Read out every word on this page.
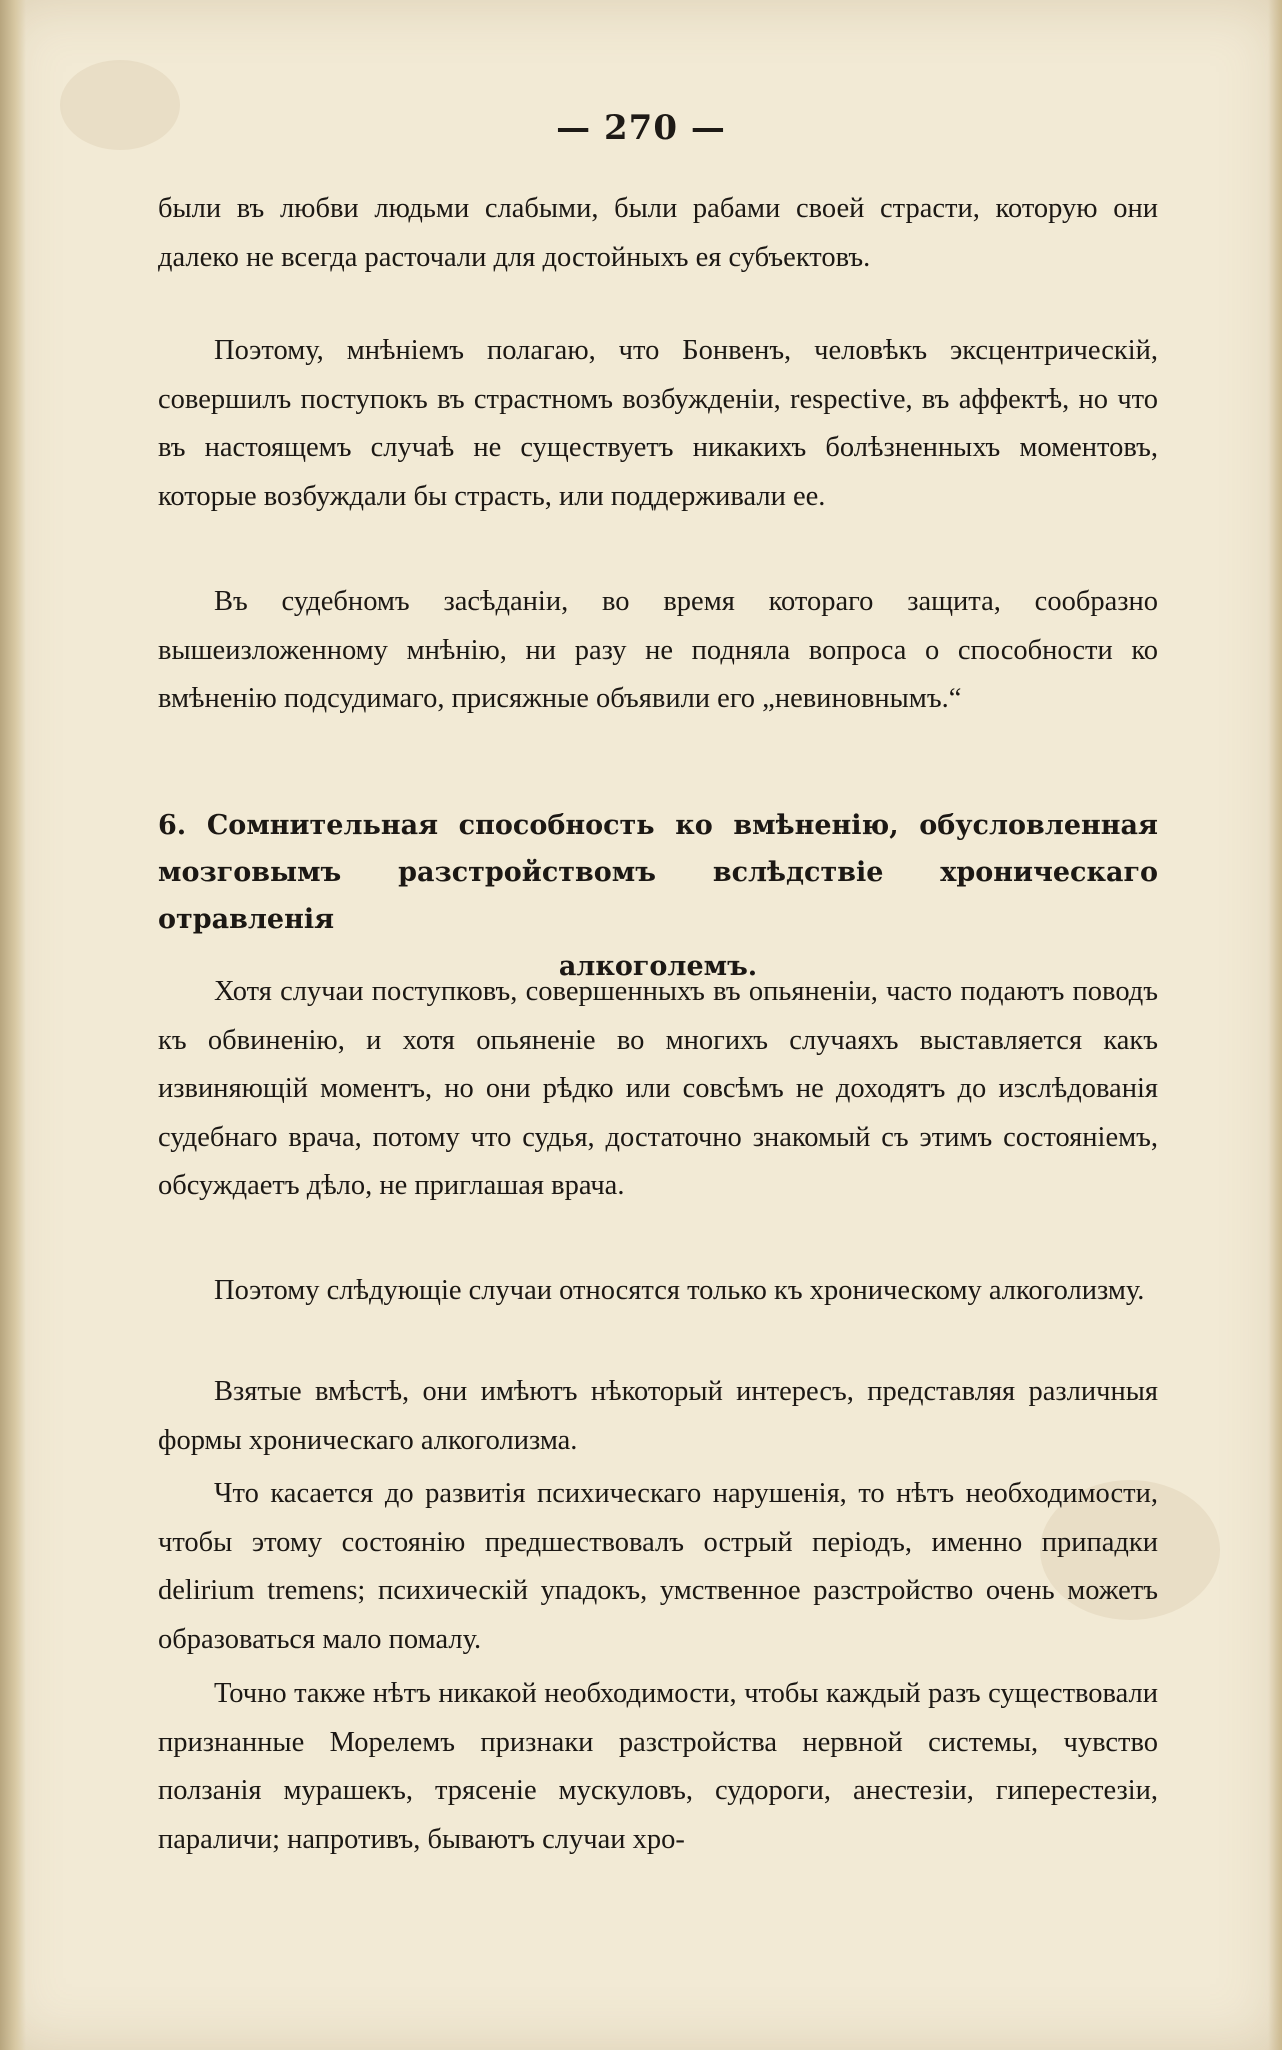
— 270 —
были въ любви людьми слабыми, были рабами своей страсти, которую они далеко не всегда расточали для достойныхъ ея субъектовъ.
Поэтому, мнѣніемъ полагаю, что Бонвенъ, человѣкъ эксцентрическій, совершилъ поступокъ въ страстномъ возбужденіи, respective, въ аффектѣ, но что въ настоящемъ случаѣ не существуетъ никакихъ болѣзненныхъ моментовъ, которые возбуждали бы страсть, или поддерживали ее.
Въ судебномъ засѣданіи, во время котораго защита, сообразно вышеизложенному мнѣнію, ни разу не подняла вопроса о способности ко вмѣненію подсудимаго, присяжные объявили его „невиновнымъ.“
6. Сомнительная способность ко вмѣненію, обусловленная мозговымъ разстройствомъ вслѣдствіе хроническаго отравленія
алкоголемъ.
Хотя случаи поступковъ, совершенныхъ въ опьяненіи, часто подаютъ поводъ къ обвиненію, и хотя опьяненіе во многихъ случаяхъ выставляется какъ извиняющій моментъ, но они рѣдко или совсѣмъ не доходятъ до изслѣдованія судебнаго врача, потому что судья, достаточно знакомый съ этимъ состояніемъ, обсуждаетъ дѣло, не приглашая врача.
Поэтому слѣдующіе случаи относятся только къ хроническому алкоголизму.
Взятые вмѣстѣ, они имѣютъ нѣкоторый интересъ, представляя различныя формы хроническаго алкоголизма.
Что касается до развитія психическаго нарушенія, то нѣтъ необходимости, чтобы этому состоянію предшествовалъ острый періодъ, именно припадки delirium tremens; психическій упадокъ, умственное разстройство очень можетъ образоваться мало помалу.
Точно также нѣтъ никакой необходимости, чтобы каждый разъ существовали признанные Морелемъ признаки разстройства нервной системы, чувство ползанія мурашекъ, трясеніе мускуловъ, судороги, анестезіи, гиперестезіи, параличи; напротивъ, бываютъ случаи хро-
